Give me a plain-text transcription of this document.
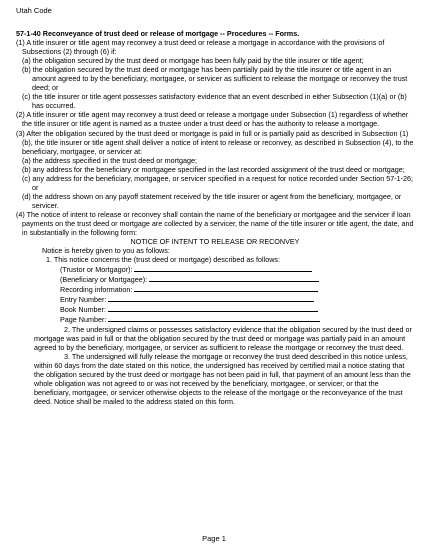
Utah Code

57-1-40 Reconveyance of trust deed or release of mortgage -- Procedures -- Forms.

(1) A title insurer or title agent may reconvey a trust deed or release a mortgage in accordance with the provisions of Subsections (2) through (6) if:

(a) the obligation secured by the trust deed or mortgage has been fully paid by the title insurer or title agent;

(b) the obligation secured by the trust deed or mortgage has been partially paid by the title insurer or title agent in an amount agreed to by the beneficiary, mortgagee, or servicer as sufficient to release the mortgage or reconvey the trust deed; or

(c) the title insurer or title agent possesses satisfactory evidence that an event described in either Subsection (1)(a) or (b) has occurred.

(2) A title insurer or title agent may reconvey a trust deed or release a mortgage under Subsection (1) regardless of whether the title insurer or title agent is named as a trustee under a trust deed or has the authority to release a mortgage.

(3) After the obligation secured by the trust deed or mortgage is paid in full or is partially paid as described in Subsection (1)(b), the title insurer or title agent shall deliver a notice of intent to release or reconvey, as described in Subsection (4), to the beneficiary, mortgagee, or servicer at:

(a) the address specified in the trust deed or mortgage;

(b) any address for the beneficiary or mortgagee specified in the last recorded assignment of the trust deed or mortgage;

(c) any address for the beneficiary, mortgagee, or servicer specified in a request for notice recorded under Section 57-1-26; or

(d) the address shown on any payoff statement received by the title insurer or agent from the beneficiary, mortgagee, or servicer.

(4) The notice of intent to release or reconvey shall contain the name of the beneficiary or mortgagee and the servicer if loan payments on the trust deed or mortgage are collected by a servicer, the name of the title insurer or title agent, the date, and in substantially in the following form:

NOTICE OF INTENT TO RELEASE OR RECONVEY

Notice is hereby given to you as follows:

1. This notice concerns the (trust deed or mortgage) described as follows:

(Trustor or Mortgagor):
(Beneficiary or Mortgagee):
Recording information:
Entry Number:
Book Number:
Page Number:

2. The undersigned claims or possesses satisfactory evidence that the obligation secured by the trust deed or mortgage was paid in full or that the obligation secured by the trust deed or mortgage was partially paid in an amount agreed to by the beneficiary, mortgagee, or servicer as sufficient to release the mortgage or reconvey the trust deed.

3. The undersigned will fully release the mortgage or reconvey the trust deed described in this notice unless, within 60 days from the date stated on this notice, the undersigned has received by certified mail a notice stating that the obligation secured by the trust deed or mortgage has not been paid in full, that payment of an amount less than the whole obligation was not agreed to or was not received by the beneficiary, mortgagee, or servicer, or that the beneficiary, mortgagee, or servicer otherwise objects to the release of the mortgage or the reconveyance of the trust deed. Notice shall be mailed to the address stated on this form.

Page 1
